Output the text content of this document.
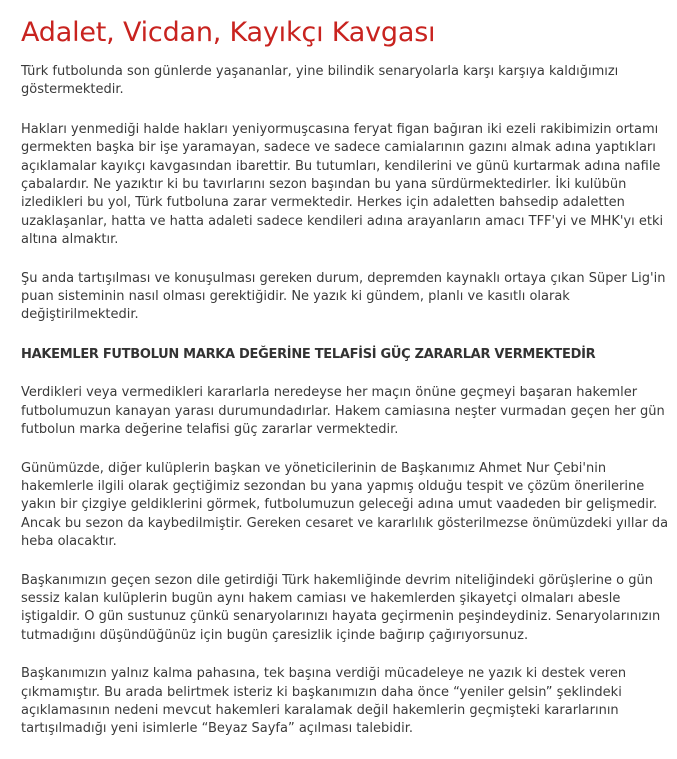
Adalet, Vicdan, Kayıkçı Kavgası

Türk futbolunda son günlerde yaşananlar, yine bilindik senaryolarla karşı karşıya kaldığımızı göstermektedir.

Hakları yenmediği halde hakları yeniyormuşcasına feryat figan bağıran iki ezeli rakibimizin ortamı germekten başka bir işe yaramayan, sadece ve sadece camialarının gazını almak adına yaptıkları açıklamalar kayıkçı kavgasından ibarettir. Bu tutumları, kendilerini ve günü kurtarmak adına nafile çabalardır. Ne yazıktır ki bu tavırlarını sezon başından bu yana sürdürmektedirler. İki kulübün izledikleri bu yol, Türk futboluna zarar vermektedir. Herkes için adaletten bahsedip adaletten uzaklaşanlar, hatta ve hatta adaleti sadece kendileri adına arayanların amacı TFF'yi ve MHK'yı etki altına almaktır.

Şu anda tartışılması ve konuşulması gereken durum, depremden kaynaklı ortaya çıkan Süper Lig'in puan sisteminin nasıl olması gerektiğidir. Ne yazık ki gündem, planlı ve kasıtlı olarak değiştirilmektedir.

HAKEMLER FUTBOLUN MARKA DEĞERİNE TELAFİSİ GÜÇ ZARARLAR VERMEKTEDİR

Verdikleri veya vermedikleri kararlarla neredeyse her maçın önüne geçmeyi başaran hakemler futbolumuzun kanayan yarası durumundadırlar. Hakem camiasına neşter vurmadan geçen her gün futbolun marka değerine telafisi güç zararlar vermektedir.

Günümüzde, diğer kulüplerin başkan ve yöneticilerinin de Başkanımız Ahmet Nur Çebi'nin hakemlerle ilgili olarak geçtiğimiz sezondan bu yana yapmış olduğu tespit ve çözüm önerilerine yakın bir çizgiye geldiklerini görmek, futbolumuzun geleceği adına umut vaadeden bir gelişmedir. Ancak bu sezon da kaybedilmiştir. Gereken cesaret ve kararlılık gösterilmezse önümüzdeki yıllar da heba olacaktır.

Başkanımızın geçen sezon dile getirdiği Türk hakemliğinde devrim niteliğindeki görüşlerine o gün sessiz kalan kulüplerin bugün aynı hakem camiası ve hakemlerden şikayetçi olmaları abesle iştigaldir. O gün sustunuz çünkü senaryolarınızı hayata geçirmenin peşindeydiniz. Senaryolarınızın tutmadığını düşündüğünüz için bugün çaresizlik içinde bağırıp çağırıyorsunuz.

Başkanımızın yalnız kalma pahasına, tek başına verdiği mücadeleye ne yazık ki destek veren çıkmamıştır. Bu arada belirtmek isteriz ki başkanımızın daha önce “yeniler gelsin” şeklindeki açıklamasının nedeni mevcut hakemleri karalamak değil hakemlerin geçmişteki kararlarının tartışılmadığı yeni isimlerle “Beyaz Sayfa” açılması talebidir.
